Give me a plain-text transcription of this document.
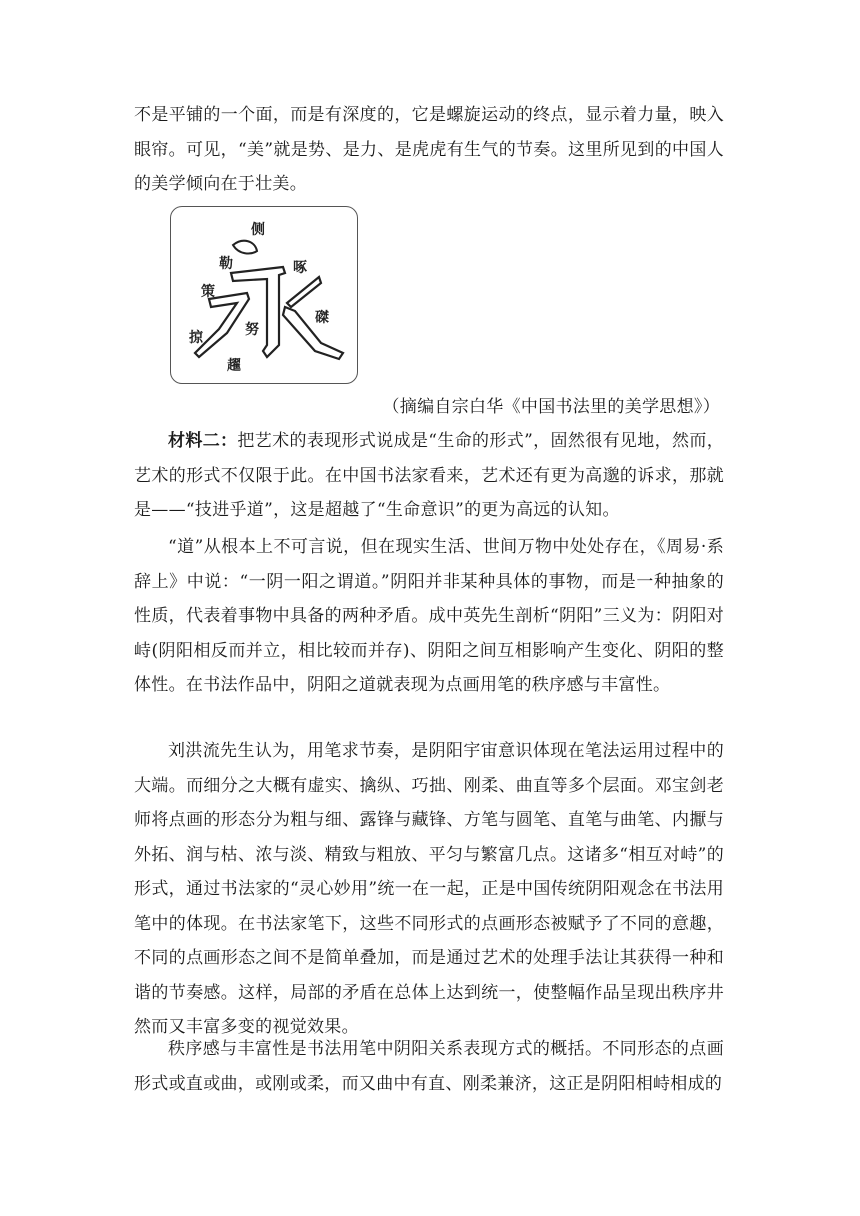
不是平铺的一个面，而是有深度的，它是螺旋运动的终点，显示着力量，映入眼帘。可见，“美”就是势、是力、是虎虎有生气的节奏。这里所见到的中国人的美学倾向在于壮美。

侧
勒	啄
策
努
磔
掠
趯
（摘编自宗白华《中国书法里的美学思想》）

材料二：把艺术的表现形式说成是“生命的形式”，固然很有见地，然而，艺术的形式不仅限于此。在中国书法家看来，艺术还有更为高邈的诉求，那就是——“技进乎道”，这是超越了“生命意识”的更为高远的认知。

“道”从根本上不可言说，但在现实生活、世间万物中处处存在，《周易·系辞上》中说：“一阴一阳之谓道。”阴阳并非某种具体的事物，而是一种抽象的性质，代表着事物中具备的两种矛盾。成中英先生剖析“阴阳”三义为：阴阳对峙(阴阳相反而并立，相比较而并存)、阴阳之间互相影响产生变化、阴阳的整体性。在书法作品中，阴阳之道就表现为点画用笔的秩序感与丰富性。

刘洪流先生认为，用笔求节奏，是阴阳宇宙意识体现在笔法运用过程中的大端。而细分之大概有虚实、擒纵、巧拙、刚柔、曲直等多个层面。邓宝剑老师将点画的形态分为粗与细、露锋与藏锋、方笔与圆笔、直笔与曲笔、内擫与外拓、润与枯、浓与淡、精致与粗放、平匀与繁富几点。这诸多“相互对峙”的形式，通过书法家的“灵心妙用”统一在一起，正是中国传统阴阳观念在书法用笔中的体现。在书法家笔下，这些不同形式的点画形态被赋予了不同的意趣，不同的点画形态之间不是简单叠加，而是通过艺术的处理手法让其获得一种和谐的节奏感。这样，局部的矛盾在总体上达到统一，使整幅作品呈现出秩序井然而又丰富多变的视觉效果。

秩序感与丰富性是书法用笔中阴阳关系表现方式的概括。不同形态的点画形式或直或曲，或刚或柔，而又曲中有直、刚柔兼济，这正是阴阳相峙相成的
